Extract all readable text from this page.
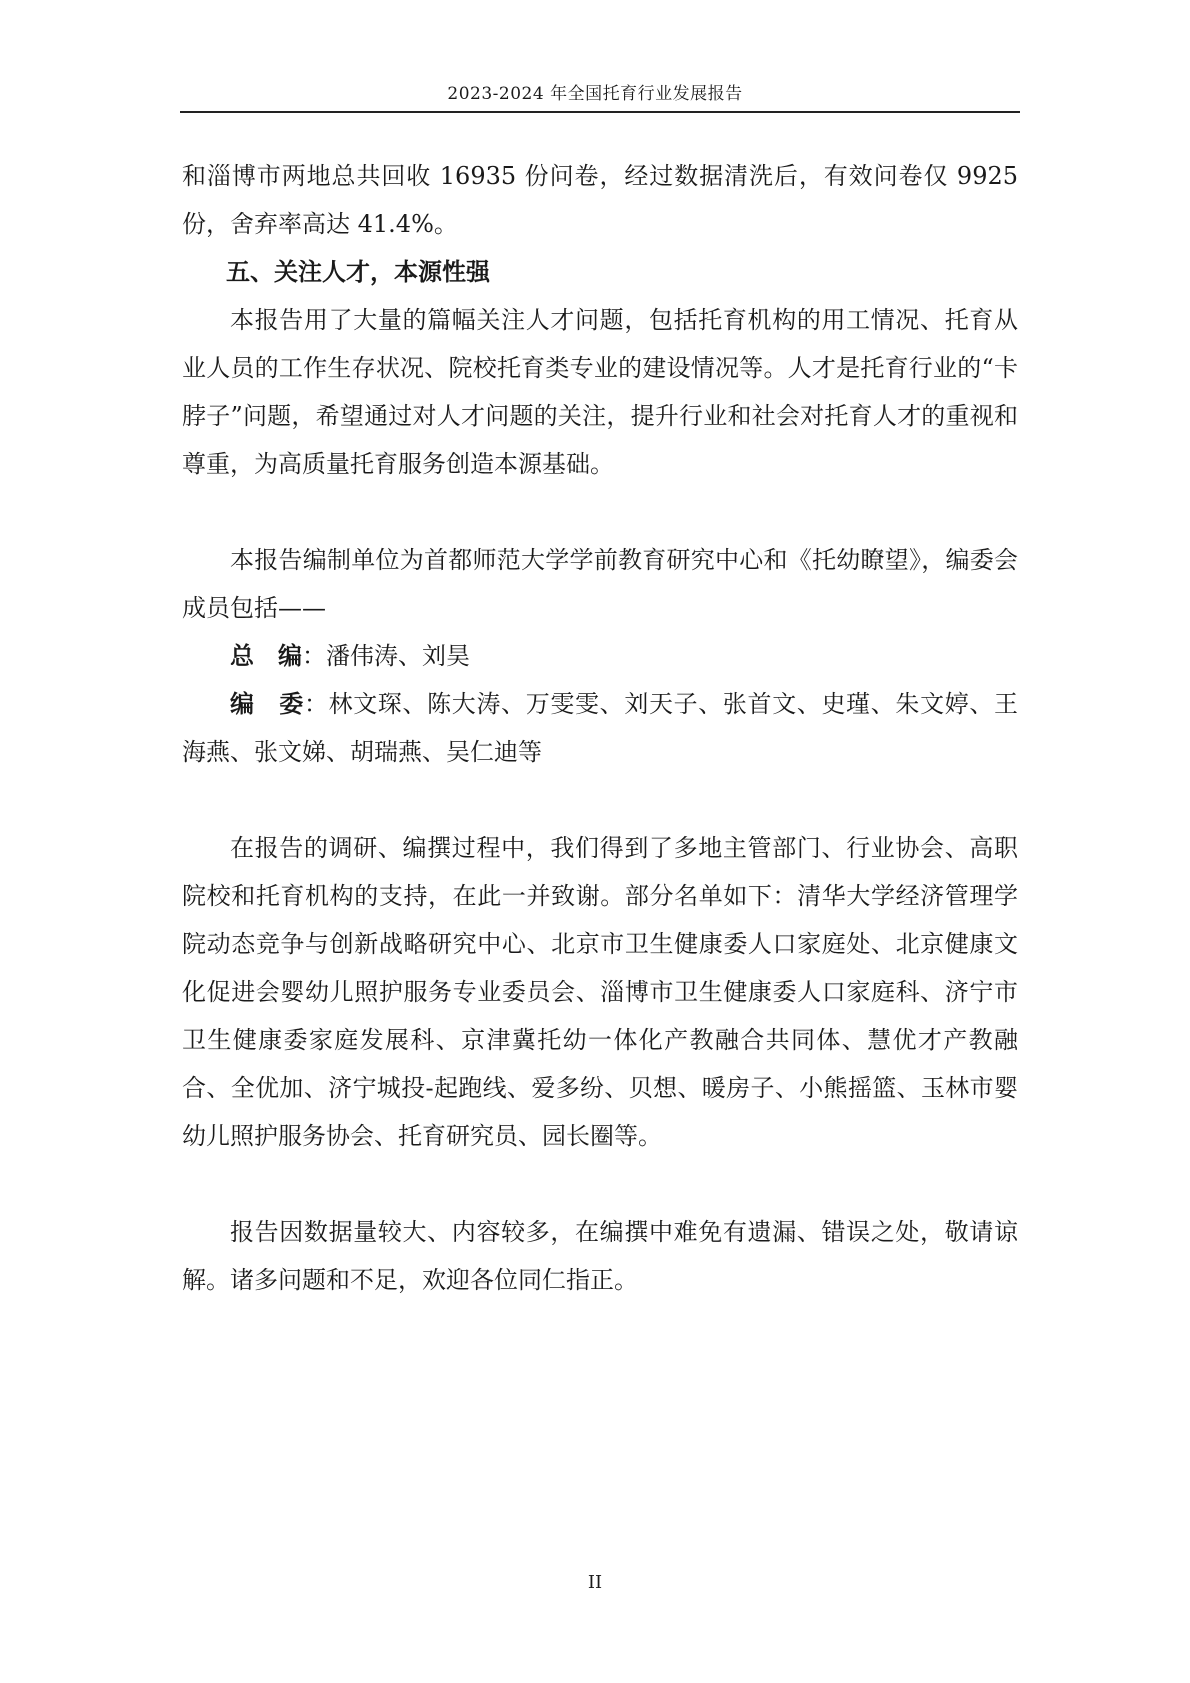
2023-2024 年全国托育行业发展报告

和淄博市两地总共回收 16935 份问卷，经过数据清洗后，有效问卷仅 9925 份，舍弃率高达 41.4%。

五、关注人才，本源性强

本报告用了大量的篇幅关注人才问题，包括托育机构的用工情况、托育从业人员的工作生存状况、院校托育类专业的建设情况等。人才是托育行业的“卡脖子”问题，希望通过对人才问题的关注，提升行业和社会对托育人才的重视和尊重，为高质量托育服务创造本源基础。

本报告编制单位为首都师范大学学前教育研究中心和《托幼瞭望》，编委会成员包括——

总　编：潘伟涛、刘昊

编　委：林文琛、陈大涛、万雯雯、刘天子、张首文、史瑾、朱文婷、王海燕、张文娣、胡瑞燕、吴仁迪等

在报告的调研、编撰过程中，我们得到了多地主管部门、行业协会、高职院校和托育机构的支持，在此一并致谢。部分名单如下：清华大学经济管理学院动态竞争与创新战略研究中心、北京市卫生健康委人口家庭处、北京健康文化促进会婴幼儿照护服务专业委员会、淄博市卫生健康委人口家庭科、济宁市卫生健康委家庭发展科、京津冀托幼一体化产教融合共同体、慧优才产教融合、全优加、济宁城投-起跑线、爱多纷、贝想、暖房子、小熊摇篮、玉林市婴幼儿照护服务协会、托育研究员、园长圈等。

报告因数据量较大、内容较多，在编撰中难免有遗漏、错误之处，敬请谅解。诸多问题和不足，欢迎各位同仁指正。

II
